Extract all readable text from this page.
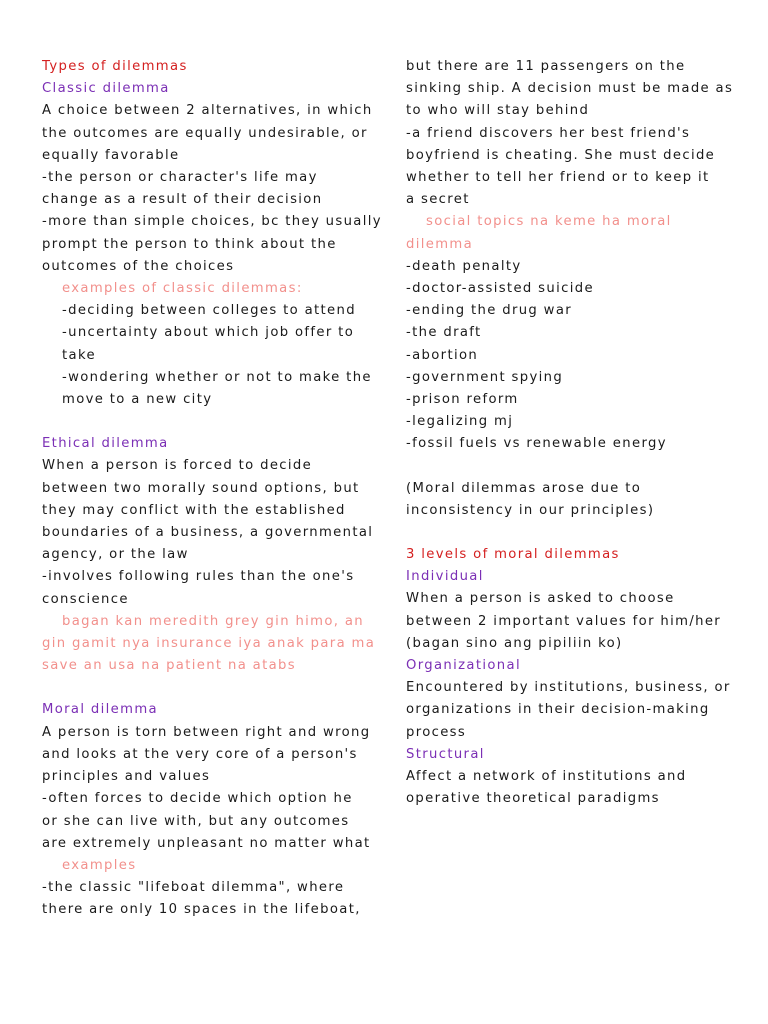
Types of dilemmas
Classic dilemma
A choice between 2 alternatives, in which
the outcomes are equally undesirable, or
equally favorable
-the person or character's life may
change as a result of their decision
-more than simple choices, bc they usually
prompt the person to think about the
outcomes of the choices
examples of classic dilemmas:
-deciding between colleges to attend
-uncertainty about which job offer to
take
-wondering whether or not to make the
move to a new city
Ethical dilemma
When a person is forced to decide
between two morally sound options, but
they may conflict with the established
boundaries of a business, a governmental
agency, or the law
-involves following rules than the one's
conscience
bagan kan meredith grey gin himo, an
gin gamit nya insurance iya anak para ma
save an usa na patient na atabs
Moral dilemma
A person is torn between right and wrong
and looks at the very core of a person's
principles and values
-often forces to decide which option he
or she can live with, but any outcomes
are extremely unpleasant no matter what
examples
-the classic "lifeboat dilemma", where
there are only 10 spaces in the lifeboat,
but there are 11 passengers on the
sinking ship. A decision must be made as
to who will stay behind
-a friend discovers her best friend's
boyfriend is cheating. She must decide
whether to tell her friend or to keep it
a secret
social topics na keme ha moral
dilemma
-death penalty
-doctor-assisted suicide
-ending the drug war
-the draft
-abortion
-government spying
-prison reform
-legalizing mj
-fossil fuels vs renewable energy
(Moral dilemmas arose due to
inconsistency in our principles)
3 levels of moral dilemmas
Individual
When a person is asked to choose
between 2 important values for him/her
(bagan sino ang pipiliin ko)
Organizational
Encountered by institutions, business, or
organizations in their decision-making
process
Structural
Affect a network of institutions and
operative theoretical paradigms
